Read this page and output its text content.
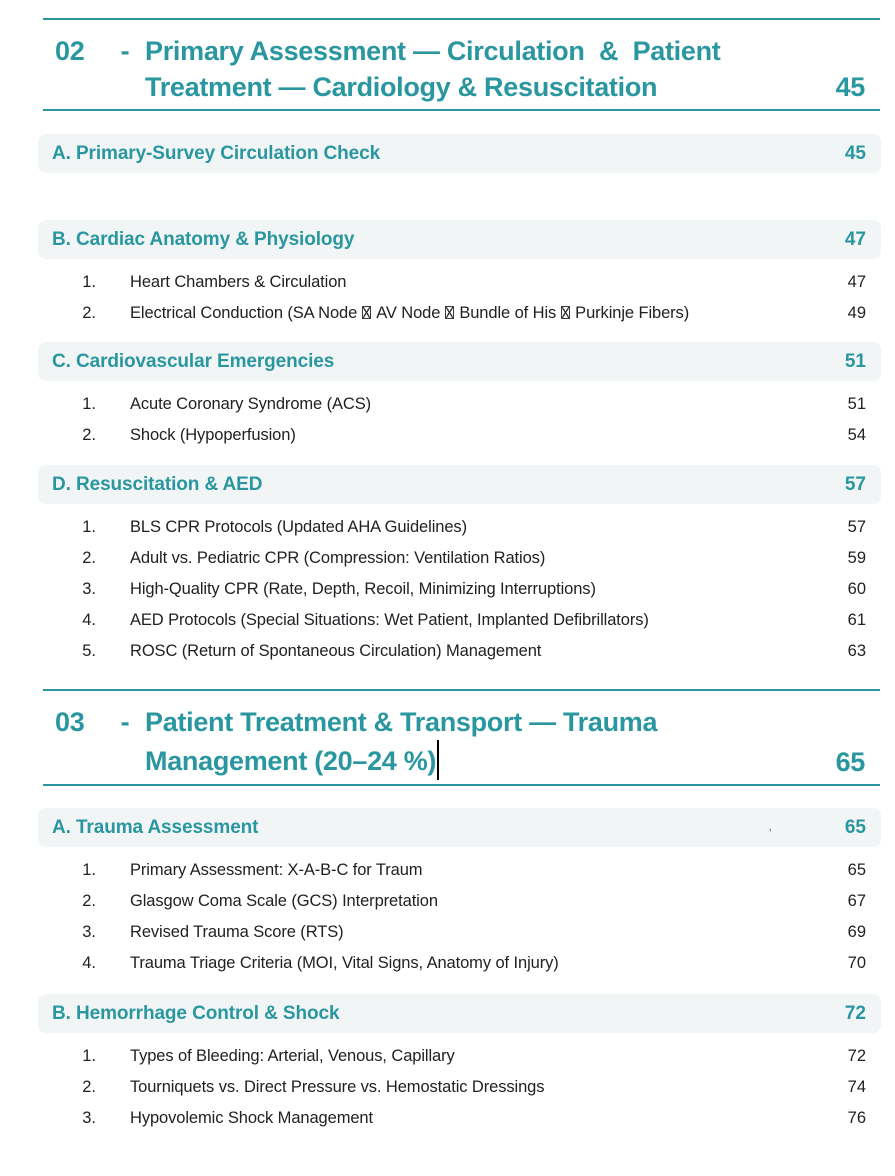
02	- Primary Assessment — Circulation  &  Patient
Treatment — Cardiology & Resuscitation	45
A. Primary-Survey Circulation Check	45
B. Cardiac Anatomy & Physiology	47
1. Heart Chambers & Circulation	47
2. Electrical Conduction (SA Node AV Node Bundle of His Purkinje Fibers)	49
C. Cardiovascular Emergencies	51
1. Acute Coronary Syndrome (ACS)	51
2. Shock (Hypoperfusion)	54
D. Resuscitation & AED	57
1. BLS CPR Protocols (Updated AHA Guidelines)	57
2. Adult vs. Pediatric CPR (Compression: Ventilation Ratios)	59
3. High-Quality CPR (Rate, Depth, Recoil, Minimizing Interruptions)	60
4. AED Protocols (Special Situations: Wet Patient, Implanted Defibrillators)	61
5. ROSC (Return of Spontaneous Circulation) Management	63
03	- Patient Treatment & Transport — Trauma
Management (20–24 %)	65
A. Trauma Assessment	65
ʼ
1. Primary Assessment: X-A-B-C for Traum	65
2. Glasgow Coma Scale (GCS) Interpretation	67
3. Revised Trauma Score (RTS)	69
4. Trauma Triage Criteria (MOI, Vital Signs, Anatomy of Injury)	70
B. Hemorrhage Control & Shock	72
1. Types of Bleeding: Arterial, Venous, Capillary	72
2. Tourniquets vs. Direct Pressure vs. Hemostatic Dressings	74
3. Hypovolemic Shock Management	76
